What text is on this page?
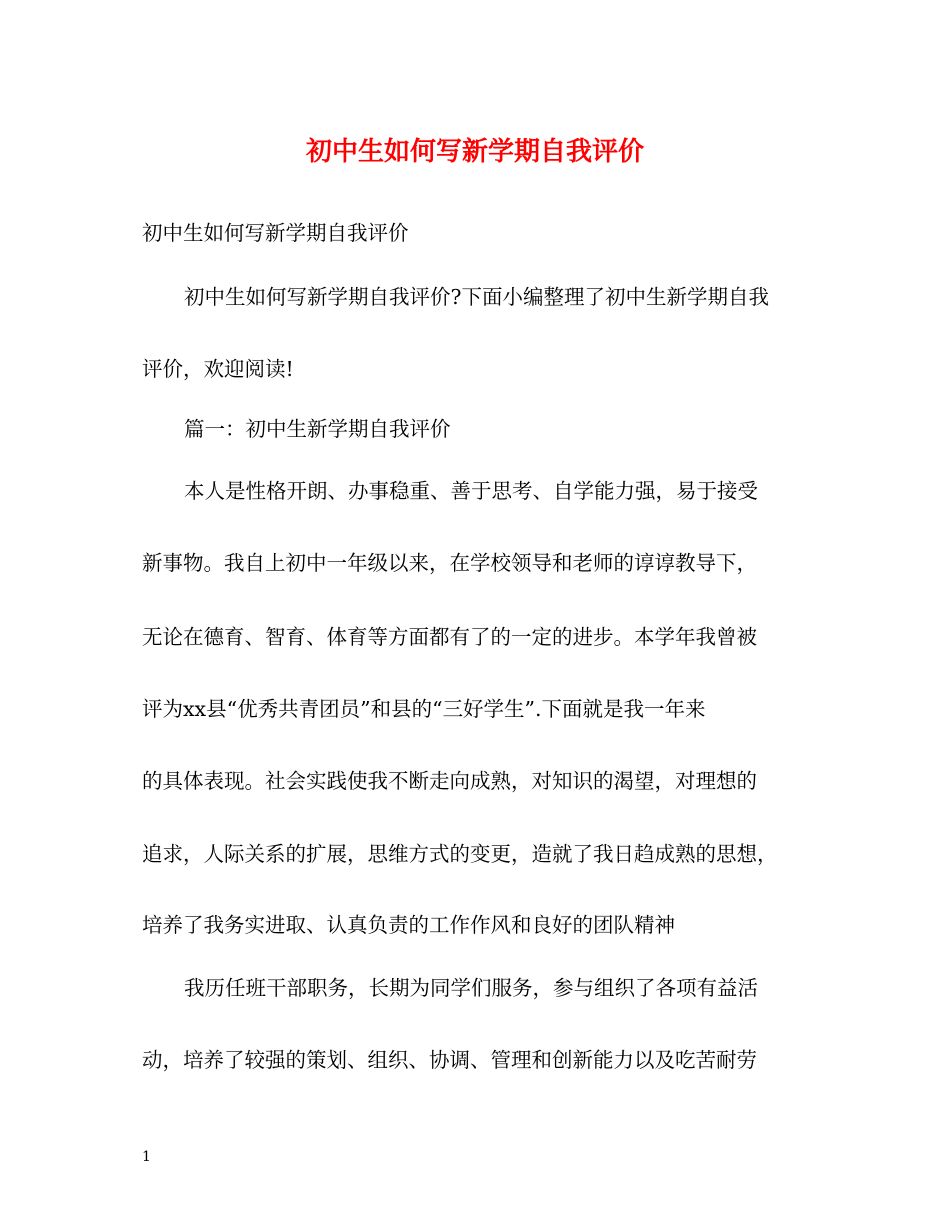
初中生如何写新学期自我评价
初中生如何写新学期自我评价
初中生如何写新学期自我评价?下面小编整理了初中生新学期自我
评价，欢迎阅读!
篇一：初中生新学期自我评价
本人是性格开朗、办事稳重、善于思考、自学能力强，易于接受
新事物。我自上初中一年级以来，在学校领导和老师的谆谆教导下，
无论在德育、智育、体育等方面都有了的一定的进步。本学年我曾被
评为xx县“优秀共青团员”和县的“三好学生”.下面就是我一年来
的具体表现。社会实践使我不断走向成熟，对知识的渴望，对理想的
追求，人际关系的扩展，思维方式的变更，造就了我日趋成熟的思想，
培养了我务实进取、认真负责的工作作风和良好的团队精神
我历任班干部职务，长期为同学们服务，参与组织了各项有益活
动，培养了较强的策划、组织、协调、管理和创新能力以及吃苦耐劳
1
